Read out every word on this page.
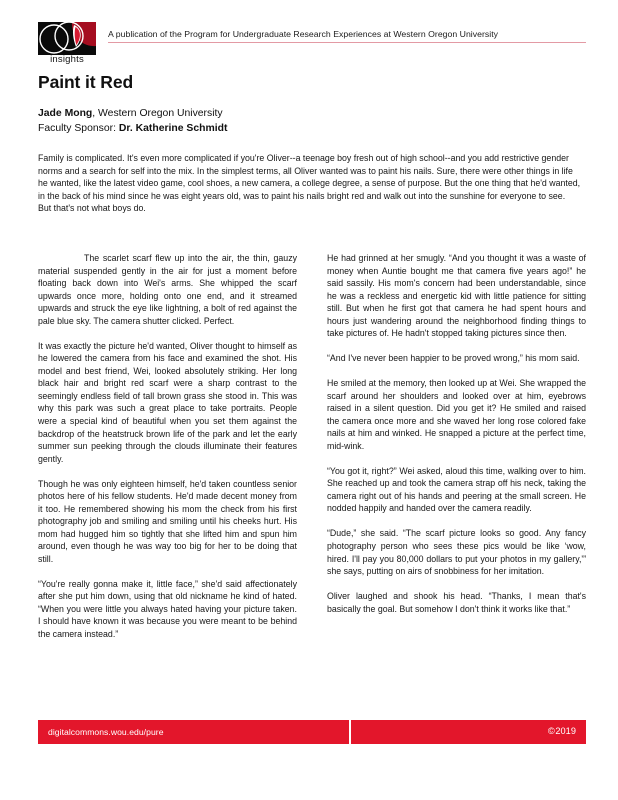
insights
A publication of the Program for Undergraduate Research Experiences at Western Oregon University
Paint it Red
Jade Mong, Western Oregon University
Faculty Sponsor: Dr. Katherine Schmidt
Family is complicated. It's even more complicated if you're Oliver--a teenage boy fresh out of high school--and you add restrictive gender norms and a search for self into the mix. In the simplest terms, all Oliver wanted was to paint his nails. Sure, there were other things in life he wanted, like the latest video game, cool shoes, a new camera, a college degree, a sense of purpose. But the one thing that he'd wanted, in the back of his mind since he was eight years old, was to paint his nails bright red and walk out into the sunshine for everyone to see.
But that's not what boys do.

The scarlet scarf flew up into the air, the thin, gauzy material suspended gently in the air for just a moment before floating back down into Wei's arms. She whipped the scarf upwards once more, holding onto one end, and it streamed upwards and struck the eye like lightning, a bolt of red against the pale blue sky. The camera shutter clicked. Perfect.

It was exactly the picture he'd wanted, Oliver thought to himself as he lowered the camera from his face and examined the shot. His model and best friend, Wei, looked absolutely striking. Her long black hair and bright red scarf were a sharp contrast to the seemingly endless field of tall brown grass she stood in. This was why this park was such a great place to take portraits. People were a special kind of beautiful when you set them against the backdrop of the heatstruck brown life of the park and let the early summer sun peeking through the clouds illuminate their features gently.

Though he was only eighteen himself, he'd taken countless senior photos here of his fellow students. He'd made decent money from it too. He remembered showing his mom the check from his first photography job and smiling and smiling until his cheeks hurt. His mom had hugged him so tightly that she lifted him and spun him around, even though he was way too big for her to be doing that still.

“You're really gonna make it, little face,” she'd said affectionately after she put him down, using that old nickname he kind of hated. “When you were little you always hated having your picture taken. I should have known it was because you were meant to be behind the camera instead.”

He had grinned at her smugly. “And you thought it was a waste of money when Auntie bought me that camera five years ago!” he said sassily. His mom's concern had been understandable, since he was a reckless and energetic kid with little patience for sitting still. But when he first got that camera he had spent hours and hours just wandering around the neighborhood finding things to take pictures of. He hadn't stopped taking pictures since then.

“And I've never been happier to be proved wrong,” his mom said.

He smiled at the memory, then looked up at Wei. She wrapped the scarf around her shoulders and looked over at him, eyebrows raised in a silent question. Did you get it? He smiled and raised the camera once more and she waved her long rose colored fake nails at him and winked. He snapped a picture at the perfect time, mid-wink.

“You got it, right?” Wei asked, aloud this time, walking over to him. She reached up and took the camera strap off his neck, taking the camera right out of his hands and peering at the small screen. He nodded happily and handed over the camera readily.

“Dude,” she said. “The scarf picture looks so good. Any fancy photography person who sees these pics would be like ‘wow, hired. I'll pay you 80,000 dollars to put your photos in my gallery,'” she says, putting on airs of snobbiness for her imitation.

Oliver laughed and shook his head. “Thanks, I mean that's basically the goal. But somehow I don't think it works like that.”

digitalcommons.wou.edu/pure	© 2019
